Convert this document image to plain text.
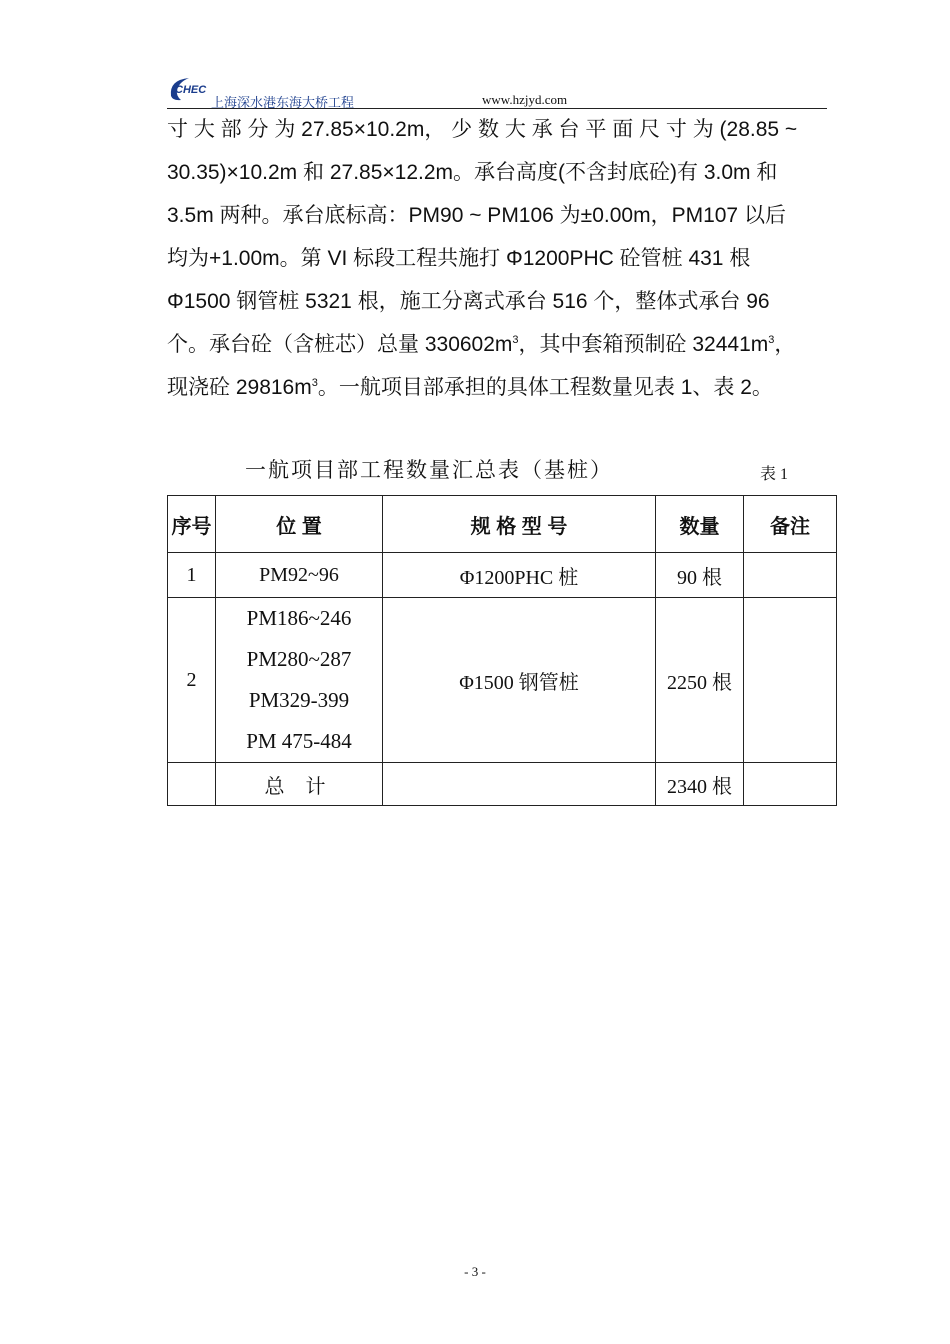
CHEC
上海深水港东海大桥工程	www.hzjyd.com
寸 大 部 分 为 27.85×10.2m， 少 数 大 承 台 平 面 尺 寸 为 (28.85 ~
30.35)×10.2m 和 27.85×12.2m。承台高度(不含封底砼)有 3.0m 和
3.5m 两种。承台底标高：PM90 ~ PM106 为±0.00m，PM107 以后
均为+1.00m。第 VI 标段工程共施打 Φ1200PHC 砼管桩 431 根
Φ1500 钢管桩 5321 根，施工分离式承台 516 个，整体式承台 96
个。承台砼（含桩芯）总量 $330602m^3$，其中套箱预制砼 $32441m^3$，
现浇砼 $29816m^3$。一航项目部承担的具体工程数量见表 1、表 2。
一航项目部工程数量汇总表（基桩）	表 1
序号	位 置	规 格 型 号	数量	备注
1	PM92~96	Φ1200PHC 桩	90 根	
2	PM186~246
PM280~287
PM329-399
PM 475-484	Φ1500 钢管桩	2250 根	
	总 计		2340 根	
- 3 -
